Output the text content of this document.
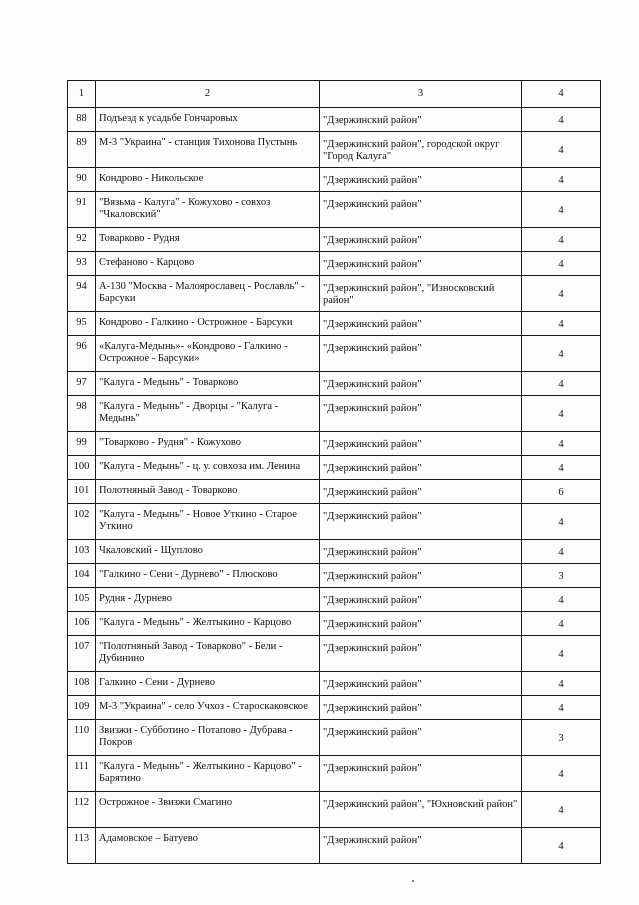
1	2	3	4
88	Подъезд к усадьбе Гончаровых	"Дзержинский район"	4
89	М-3 "Украина" - станция Тихонова Пустынь	"Дзержинский район", городской округ "Город Калуга"	4
90	Кондрово - Никольское	"Дзержинский район"	4
91	"Вязьма - Калуга" - Кожухово - совхоз "Чкаловский"	"Дзержинский район"	4
92	Товарково - Рудня	"Дзержинский район"	4
93	Стефаново - Карцово	"Дзержинский район"	4
94	А-130 "Москва - Малоярославец - Рославль" - Барсуки	"Дзержинский район", "Износковский район"	4
95	Кондрово - Галкино - Острожное - Барсуки	"Дзержинский район"	4
96	«Калуга-Медынь»- «Кондрово - Галкино - Острожное - Барсуки»	"Дзержинский район"	4
97	"Калуга - Медынь" - Товарково	"Дзержинский район"	4
98	"Калуга - Медынь" - Дворцы - "Калуга - Медынь"	"Дзержинский район"	4
99	"Товарково - Рудня" - Кожухово	"Дзержинский район"	4
100	"Калуга - Медынь" - ц. у. совхоза им. Ленина	"Дзержинский район"	4
101	Полотняный Завод - Товарково	"Дзержинский район"	6
102	"Калуга - Медынь" - Новое Уткино - Старое Уткино	"Дзержинский район"	4
103	Чкаловский - Щуплово	"Дзержинский район"	4
104	"Галкино - Сени - Дурнево" - Плюсково	"Дзержинский район"	3
105	Рудня - Дурнево	"Дзержинский район"	4
106	"Калуга - Медынь" - Желтыкино - Карцово	"Дзержинский район"	4
107	"Полотняный Завод - Товарково" - Бели - Дубинино	"Дзержинский район"	4
108	Галкино - Сени - Дурнево	"Дзержинский район"	4
109	М-3 "Украина" - село Учхоз - Староскаковское	"Дзержинский район"	4
110	Звизжи - Субботино - Потапово - Дубрава - Покров	"Дзержинский район"	3
111	"Калуга - Медынь" - Желтыкино - Карцово" - Барятино	"Дзержинский район"	4
112	Острожное - Звизжи Смагино	"Дзержинский район", "Юхновский район"	4
113	Адамовское – Батуево	"Дзержинский район"	4
